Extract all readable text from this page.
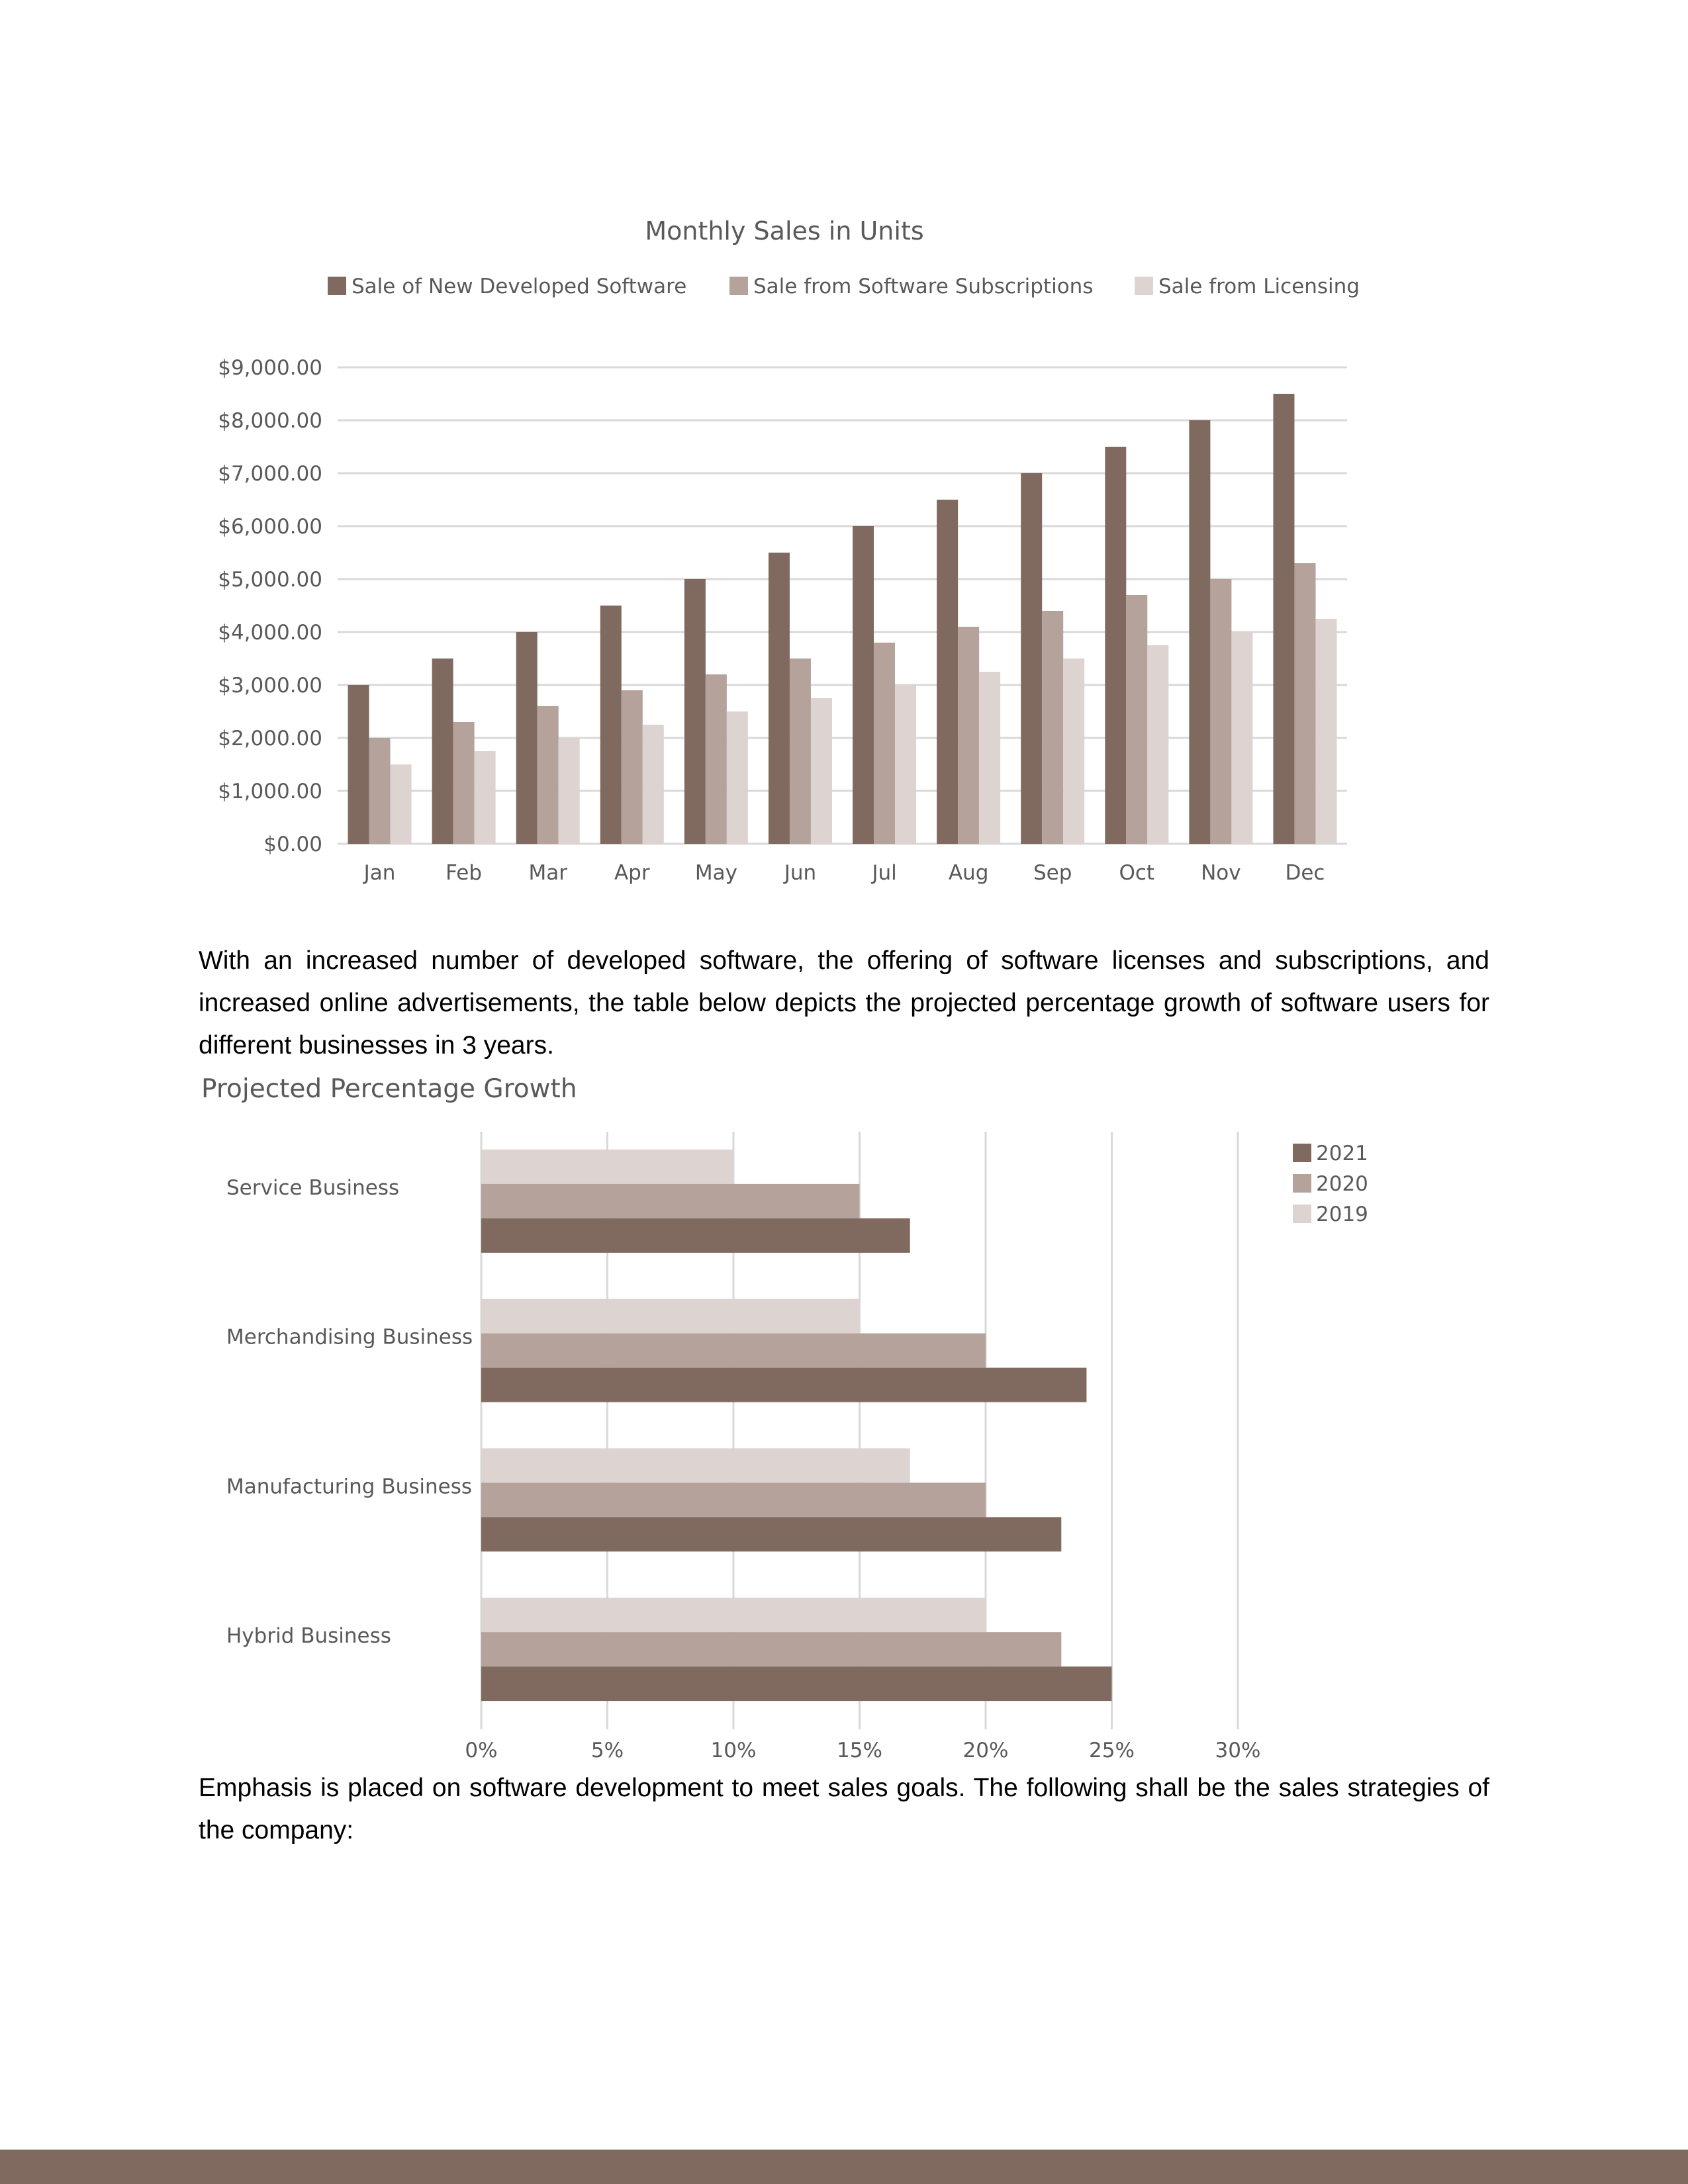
Monthly Sales in Units
Sale of New Developed Software	Sale from Software Subscriptions	Sale from Licensing
$0.00
$1,000.00
$2,000.00
$3,000.00
$4,000.00
$5,000.00
$6,000.00
$7,000.00
$8,000.00
$9,000.00
Jan Feb Mar Apr May Jun	Jul	Aug Sep Oct Nov Dec

With an increased number of developed software, the offering of software licenses and subscriptions, and increased online advertisements, the table below depicts the projected percentage growth of software users for different businesses in 3 years.

Projected Percentage Growth
0%	5%	10%	15%	20%	25%	30%
Service Business
Merchandising Business
Manufacturing Business
Hybrid Business
2021
2020
2019

Emphasis is placed on software development to meet sales goals. The following shall be the sales strategies of the company:
